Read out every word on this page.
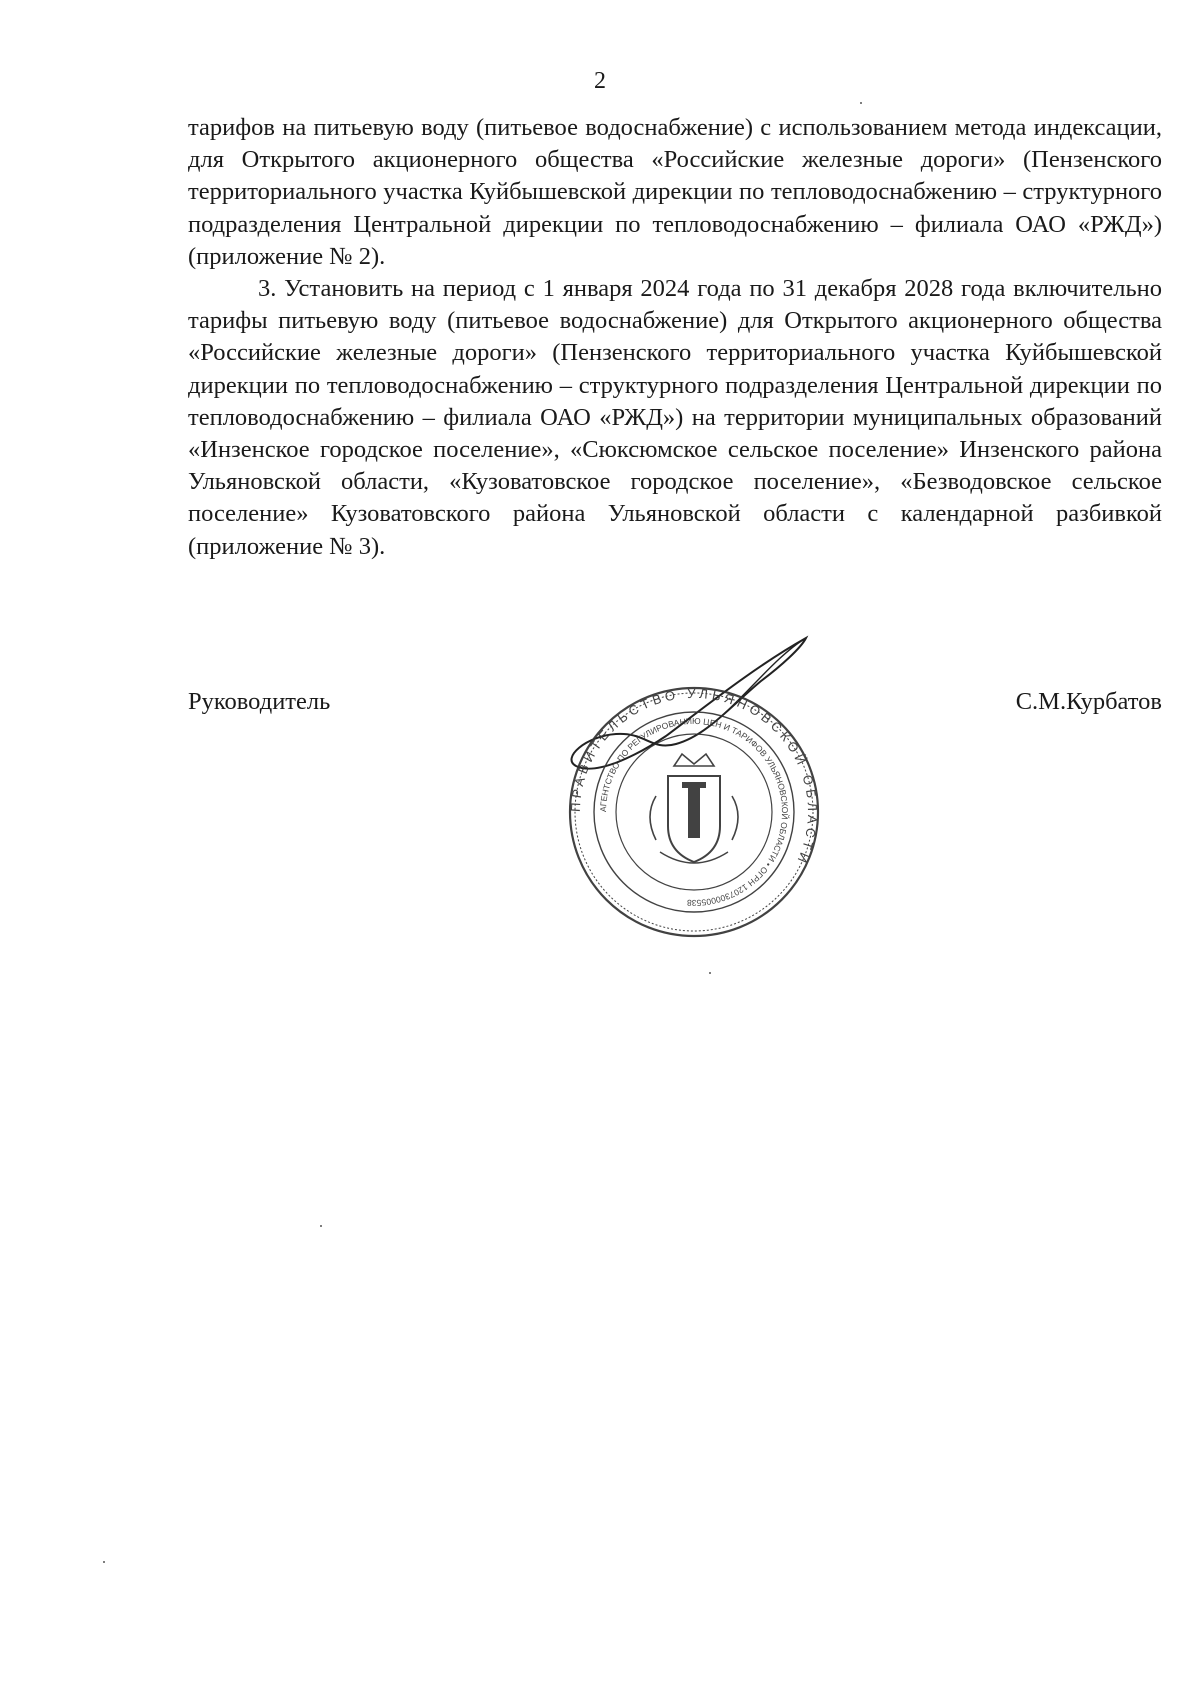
2

тарифов на питьевую воду (питьевое водоснабжение) с использованием метода индексации, для Открытого акционерного общества «Российские железные дороги» (Пензенского территориального участка Куйбышевской дирекции по тепловодоснабжению – структурного подразделения Центральной дирекции по тепловодоснабжению – филиала ОАО «РЖД») (приложение № 2).

3. Установить на период с 1 января 2024 года по 31 декабря 2028 года включительно тарифы питьевую воду (питьевое водоснабжение) для Открытого акционерного общества «Российские железные дороги» (Пензенского территориального участка Куйбышевской дирекции по тепловодоснабжению – структурного подразделения Центральной дирекции по тепловодоснабжению – филиала ОАО «РЖД») на территории муниципальных образований «Инзенское городское поселение», «Сюксюмское сельское поселение» Инзенского района Ульяновской области, «Кузоватовское городское поселение», «Безводовское сельское поселение» Кузоватовского района Ульяновской области с календарной разбивкой (приложение № 3).

Руководитель	С.М.Курбатов
ПРАВИТЕЛЬСТВО УЛЬЯНОВСКОЙ ОБЛАСТИ
АГЕНТСТВО ПО РЕГУЛИРОВАНИЮ ЦЕН И ТАРИФОВ УЛЬЯНОВСКОЙ ОБЛАСТИ • ОГРН 1207300005538
